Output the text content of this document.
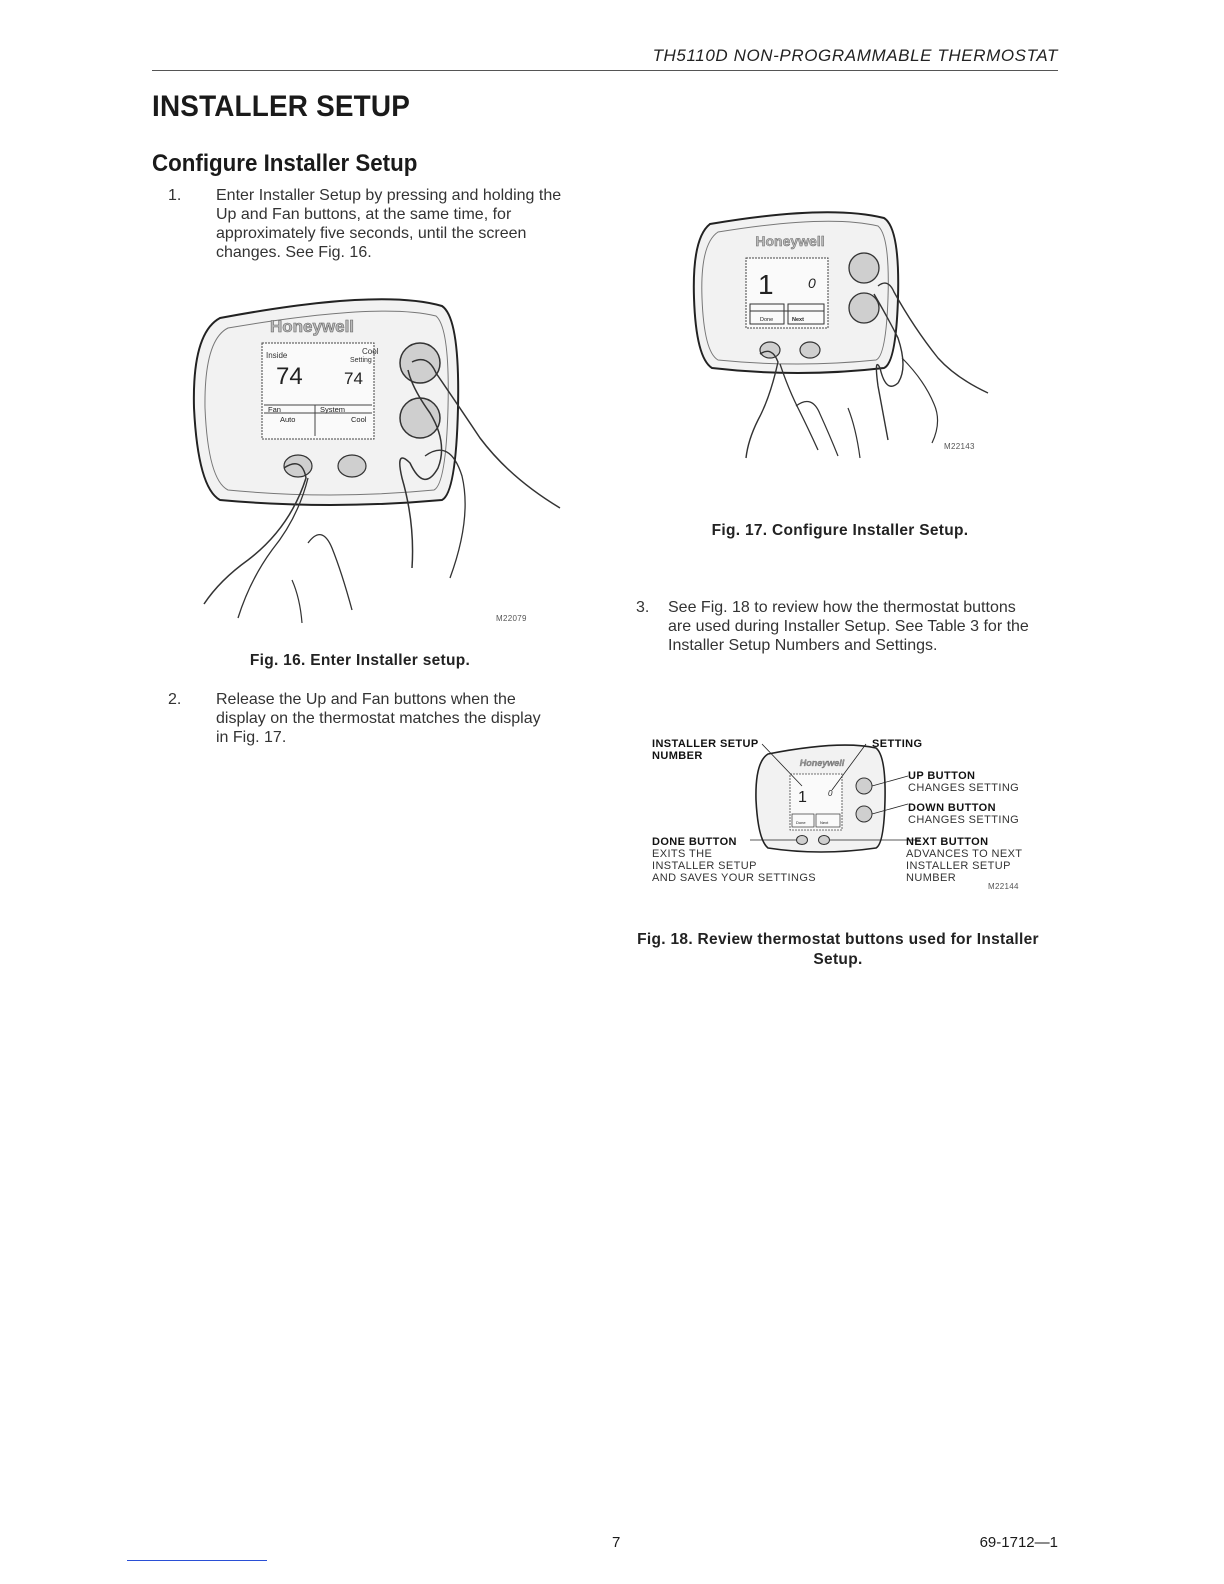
TH5110D NON-PROGRAMMABLE THERMOSTAT
INSTALLER SETUP
Configure Installer Setup
1. Enter Installer Setup by pressing and holding the
Up and Fan buttons, at the same time, for
approximately five seconds, until the screen
changes. See Fig. 16.
Honeywell
Inside	Cool
Setting
74 74
Fan
Auto
System
Cool
M22079
Fig. 16. Enter Installer setup.
2. Release the Up and Fan buttons when the
display on the thermostat matches the display
in Fig. 17.
Honeywell
1 0
Done	Next
M22143
Fig. 17. Configure Installer Setup.
3. See Fig. 18 to review how the thermostat buttons
are used during Installer Setup. See Table 3 for the
Installer Setup Numbers and Settings.
Honeywell
1	0
Done	Next
INSTALLER SETUP
NUMBER
SETTING
UP BUTTON
CHANGES SETTING
DOWN BUTTON
CHANGES SETTING
DONE BUTTON
EXITS THE
INSTALLER SETUP
AND SAVES YOUR SETTINGS
NEXT BUTTON
ADVANCES TO NEXT
INSTALLER SETUP
NUMBER
M22144
Fig. 18. Review thermostat buttons used for Installer
Setup.
7	69-1712—1
